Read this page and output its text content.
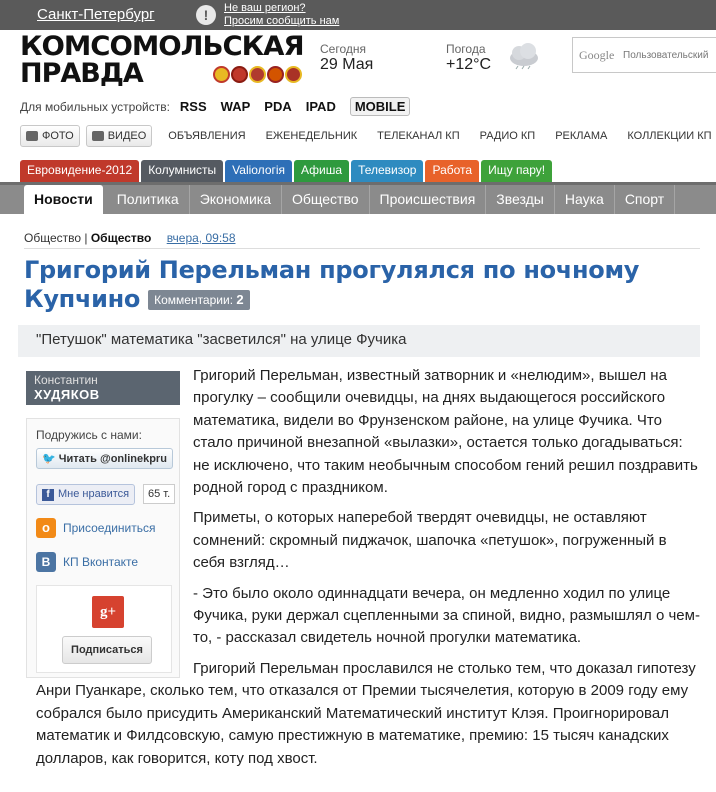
Санкт-Петербург	!	Не ваш регион?
Просим сообщить нам
КОМСОМОЛЬСКАЯ
ПРАВДА
Сегодня
29 Мая
Погода
+12°C
Google Пользовательский
Для мобильных устройств: RSS WAP PDA IPAD	MOBILE
ФОТО	ВИДЕО ОБЪЯВЛЕНИЯ ЕЖЕНЕДЕЛЬНИК ТЕЛЕКАНАЛ КП РАДИО КП РЕКЛАМА КОЛЛЕКЦИИ КП
Евровидение-2012	Колумнисты	Valiологія	Афиша	Телевизор	Работа	Ищу пару!
Новости	Политика	Экономика	Общество	Происшествия	Звезды	Наука	Спорт
Общество | Общество вчера, 09:58
Григорий Перельман прогулялся по ночному Купчино Комментарии: 2
"Петушок" математика "засветился" на улице Фучика
Константин
ХУДЯКОВ
Подружись с нами:
🐦 Читать @onlinekpru
f Мне нравится	65 т.
о	Присоединиться
В	КП Вконтакте
g+
Подписаться

Григорий Перельман, известный затворник и «нелюдим», вышел на прогулку – сообщили очевидцы, на днях выдающегося российского математика, видели во Фрунзенском районе, на улице Фучика. Что стало причиной внезапной «вылазки», остается только догадываться: не исключено, что таким необычным способом гений решил поздравить родной город с праздником.

Приметы, о которых наперебой твердят очевидцы, не оставляют сомнений: скромный пиджачок, шапочка «петушок», погруженный в себя взгляд…

- Это было около одиннадцати вечера, он медленно ходил по улице Фучика, руки держал сцепленными за спиной, видно, размышлял о чем-то, - рассказал свидетель ночной прогулки математика.

Григорий Перельман прославился не столько тем, что доказал гипотезу Анри Пуанкаре, сколько тем, что отказался от Премии тысячелетия, которую в 2009 году ему собрался было присудить Американский Математический институт Клэя. Проигнорировал математик и Филдсовскую, самую престижную в математике, премию: 15 тысяч канадских долларов, как говорится, коту под хвост.
